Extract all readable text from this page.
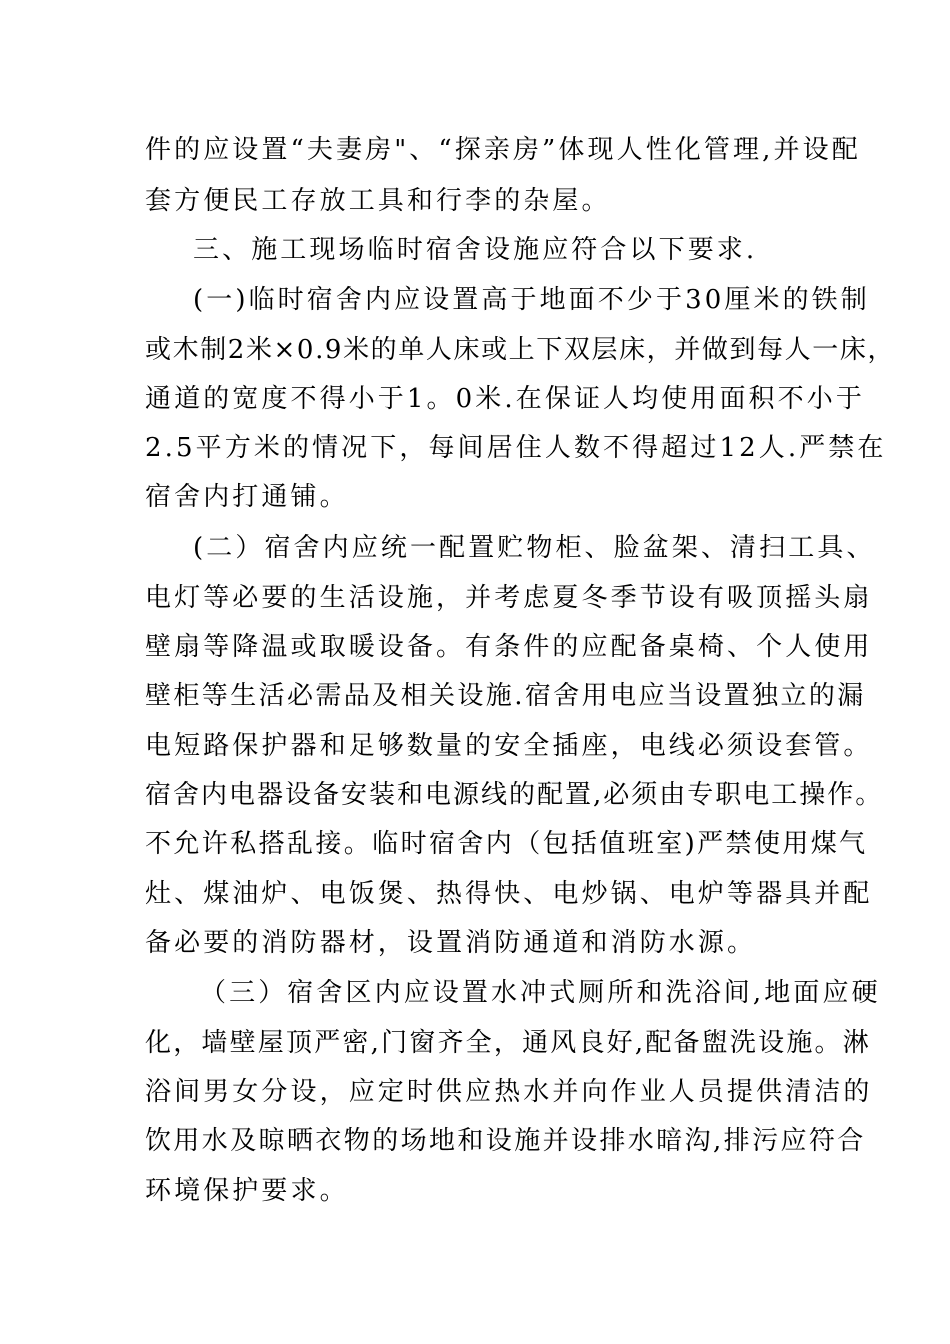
件的应设置“夫妻房"、“探亲房”体现人性化管理,并设配
套方便民工存放工具和行李的杂屋。
三、施工现场临时宿舍设施应符合以下要求.
(一)临时宿舍内应设置高于地面不少于30厘米的铁制
或木制2米×0.9米的单人床或上下双层床，并做到每人一床，
通道的宽度不得小于1。0米.在保证人均使用面积不小于
2.5平方米的情况下，每间居住人数不得超过12人.严禁在
宿舍内打通铺。
(二）宿舍内应统一配置贮物柜、脸盆架、清扫工具、
电灯等必要的生活设施，并考虑夏冬季节设有吸顶摇头扇
壁扇等降温或取暖设备。有条件的应配备桌椅、个人使用
壁柜等生活必需品及相关设施.宿舍用电应当设置独立的漏
电短路保护器和足够数量的安全插座，电线必须设套管。
宿舍内电器设备安装和电源线的配置,必须由专职电工操作。
不允许私搭乱接。临时宿舍内（包括值班室)严禁使用煤气
灶、煤油炉、电饭煲、热得快、电炒锅、电炉等器具并配
备必要的消防器材，设置消防通道和消防水源。
（三）宿舍区内应设置水冲式厕所和洗浴间,地面应硬
化，墙壁屋顶严密,门窗齐全，通风良好,配备盥洗设施。淋
浴间男女分设，应定时供应热水并向作业人员提供清洁的
饮用水及晾晒衣物的场地和设施并设排水暗沟,排污应符合
环境保护要求。
